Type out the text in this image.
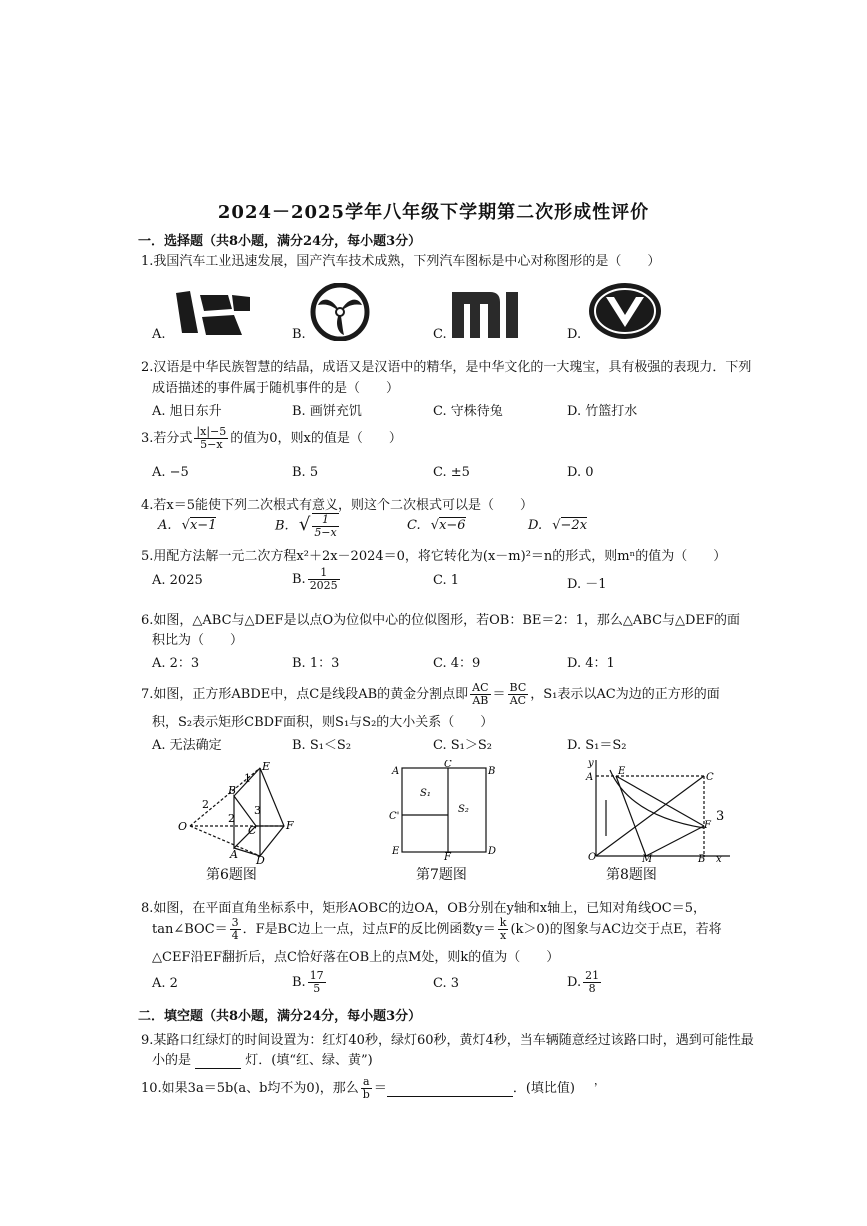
2024－2025学年八年级下学期第二次形成性评价
一．选择题（共8小题，满分24分，每小题3分）
1.我国汽车工业迅速发展，国产汽车技术成熟，下列汽车图标是中心对称图形的是（　　）
A.	B.	C.	D.
2.汉语是中华民族智慧的结晶，成语又是汉语中的精华，是中华文化的一大瑰宝，具有极强的表现力．下列
成语描述的事件属于随机事件的是（　　）
A. 旭日东升	B. 画饼充饥	C. 守株待兔	D. 竹篮打水
3.若分式 $\frac{|x|-5}{5-x}$ 的值为0，则x的值是（　　）
A. −5	B. 5	C. ±5	D. 0
4.若x＝5能使下列二次根式有意义，则这个二次根式可以是（　　）
A. √x−1	B. √ $\frac{1}{5-x}$	C. √x−6	D. √−2x
5.用配方法解一元二次方程x²＋2x－2024＝0，将它转化为(x－m)²＝n的形式，则mⁿ的值为（　　）
A. 2025	B. $\frac{1}{2025}$	C. 1	D. －1
6.如图，△ABC与△DEF是以点O为位似中心的位似图形，若OB：BE＝2：1，那么△ABC与△DEF的面
积比为（　　）
A. 2：3	B. 1：3	C. 4：9	D. 4：1
7.如图，正方形ABDE中，点C是线段AB的黄金分割点即 $\frac{AC}{AB} = \frac{BC}{AC}$ ，S₁表示以AC为边的正方形的面
积，S₂表示矩形CBDF面积，则S₁与S₂的大小关系（　　）
A. 无法确定	B. S₁＜S₂	C. S₁＞S₂	D. S₁＝S₂
E
B
O	C	F
A D
1
3
2
2
第6题图
A
C
B
S₁
S₂
C'
E
F
D
第7题图
y
A
E
C
F
O	M	B x
3
第8题图
8.如图，在平面直角坐标系中，矩形AOBC的边OA，OB分别在y轴和x轴上，已知对角线OC＝5，
tan∠BOC＝ $\frac{3}{4}$ ．F是BC边上一点，过点F的反比例函数$y= \frac{k}{x} (k>0)$的图象与AC边交于点E，若将
△CEF沿EF翻折后，点C恰好落在OB上的点M处，则k的值为（　　）
A. 2	B. $\frac{17}{5}$	C. 3	D. $\frac{21}{8}$
二．填空题（共8小题，满分24分，每小题3分）
9.某路口红绿灯的时间设置为：红灯40秒，绿灯60秒，黄灯4秒，当车辆随意经过该路口时，遇到可能性最
小的是	灯．(填“红、绿、黄”)
10.如果3a＝5b(a、b均不为0)，那么 $\frac{a}{b}$ ＝	．(填比值)
，
